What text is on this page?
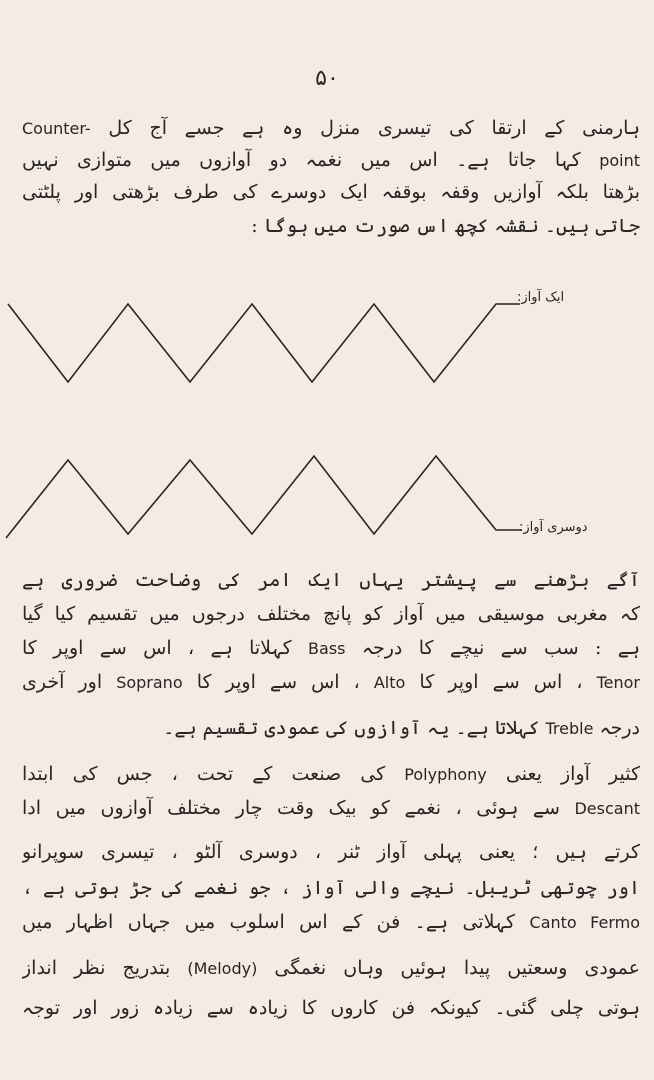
۵۰
ہارمنی کے ارتقا کی تیسری منزل وہ ہے جسے آج کل Counter-
point کہا جاتا ہے۔ اس میں نغمہ دو آوازوں میں متوازی نہیں
بڑھتا بلکہ آوازیں وقفہ بوقفہ ایک دوسرے کی طرف بڑھتی اور پلٹتی
جاتی ہیں۔ نقشہ کچھ اس صورت میں ہوگا :
ایک آواز:
دوسری آواز:
آگے بڑھنے سے پیشتر یہاں ایک امر کی وضاحت ضروری ہے
کہ مغربی موسیقی میں آواز کو پانچ مختلف درجوں میں تقسیم کیا گیا
ہے : سب سے نیچے کا درجہ Bass کہلاتا ہے ، اس سے اوپر کا
Tenor ، اس سے اوپر کا Alto ، اس سے اوپر کا Soprano اور آخری
درجہ Treble کہلاتا ہے۔ یہ آوازوں کی عمودی تقسیم ہے۔
کثیر آواز یعنی Polyphony کی صنعت کے تحت ، جس کی ابتدا
Descant سے ہوئی ، نغمے کو بیک وقت چار مختلف آوازوں میں ادا
کرتے ہیں ؛ یعنی پہلی آواز ٹنر ، دوسری آلٹو ، تیسری سوپرانو
اور چوتھی ٹریبل۔ نیچے والی آواز ، جو نغمے کی جڑ ہوتی ہے ،
Canto Fermo کہلاتی ہے۔ فن کے اس اسلوب میں جہاں اظہار میں
عمودی وسعتیں پیدا ہوئیں وہاں نغمگی (Melody) بتدریج نظر انداز
ہوتی چلی گئی۔ کیونکہ فن کاروں کا زیادہ سے زیادہ زور اور توجہ
